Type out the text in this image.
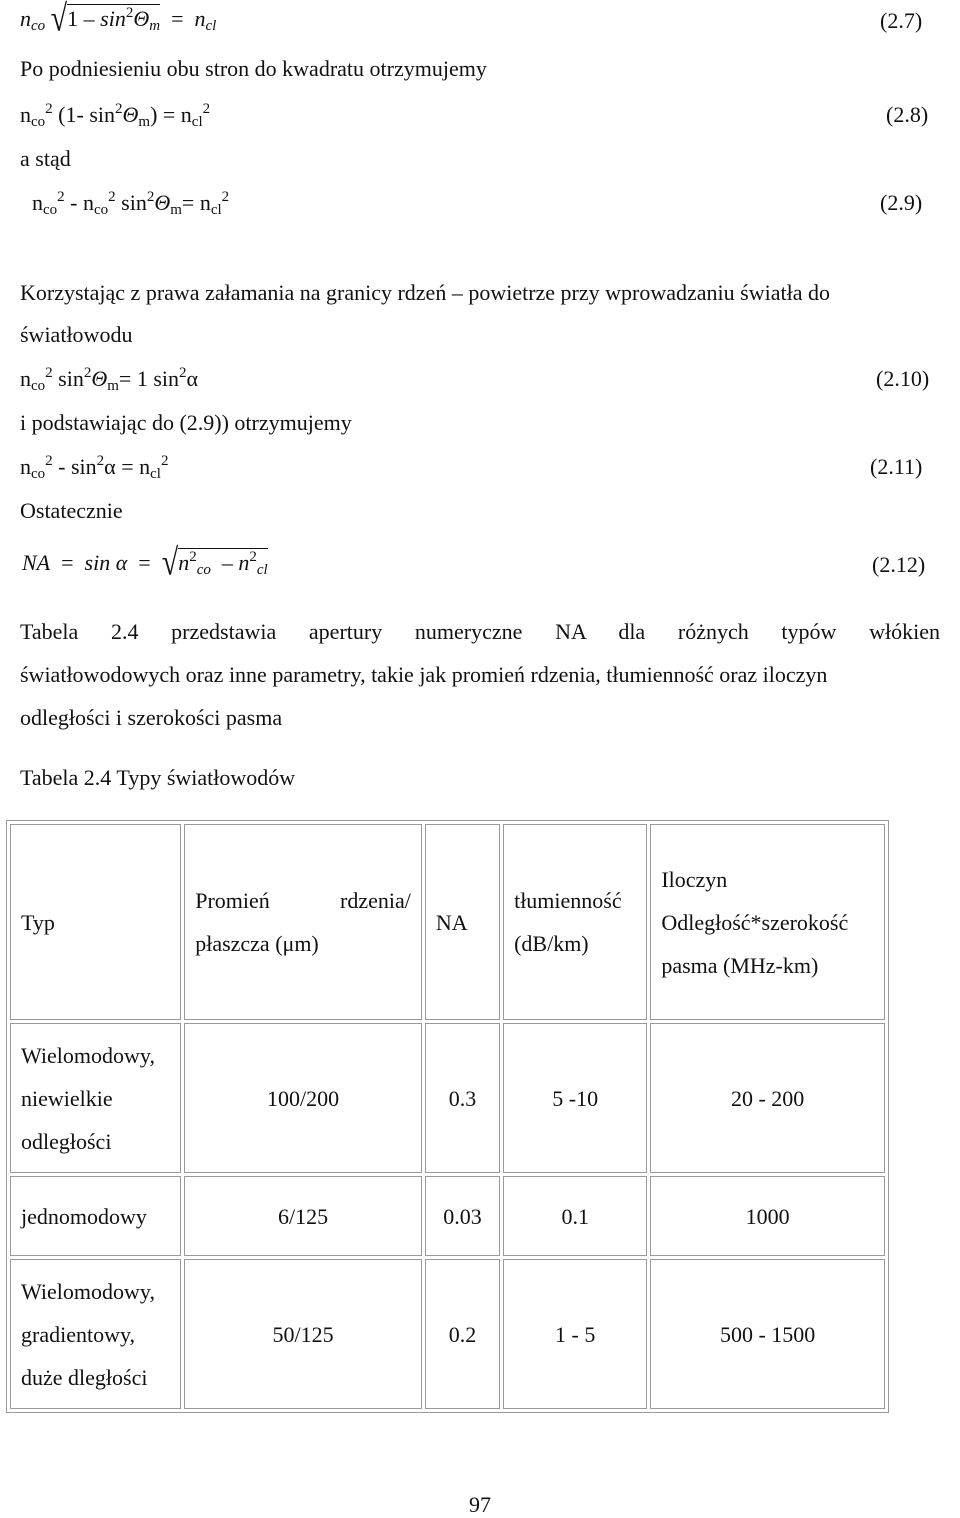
$n_{co}$ $√1 - \sin^2\Theta_m = n_{cl}$	(2.7)
Po podniesieniu obu stron do kwadratu otrzymujemy
$n_{co}^2$ (1- $\sin^2\Theta_m) = n_{cl}^2$	(2.8)
a stąd
$n_{co}^2 - n_{co}^2$ $\sin^2\Theta_m= n_{cl}^2$	(2.9)
Korzystając z prawa załamania na granicy rdzeń – powietrze przy wprowadzaniu światła do
światłowodu
$n_{co}^2$ $\sin^2\Theta_m= 1$ $\sin^2\alpha$	(2.10)
i podstawiając do (2.9)) otrzymujemy
$n_{co}^2 - \sin^2\alpha = n_{cl}^2$	(2.11)
Ostatecznie
NA = $\sin \alpha = √n^2_{co} - n^2_{cl}$	(2.12)
Tabela 2.4 przedstawia apertury numeryczne NA dla różnych typów włókien
światłowodowych oraz inne parametry, takie jak promień rdzenia, tłumienność oraz iloczyn
odległości i szerokości pasma
Tabela 2.4 Typy światłowodów
Typ	Promień rdzenia/ płaszcza (μm)	NA	tłumienność (dB/km)	Iloczyn
Odległość*szerokość pasma (MHz-km)

Wielomodowy, niewielkie odległości	100/200	0.3	5 -10	20 - 200
jednomodowy	6/125	0.03	0.1	1000
Wielomodowy, gradientowy, duże dległości	50/125	0.2	1 - 5	500 - 1500
97
